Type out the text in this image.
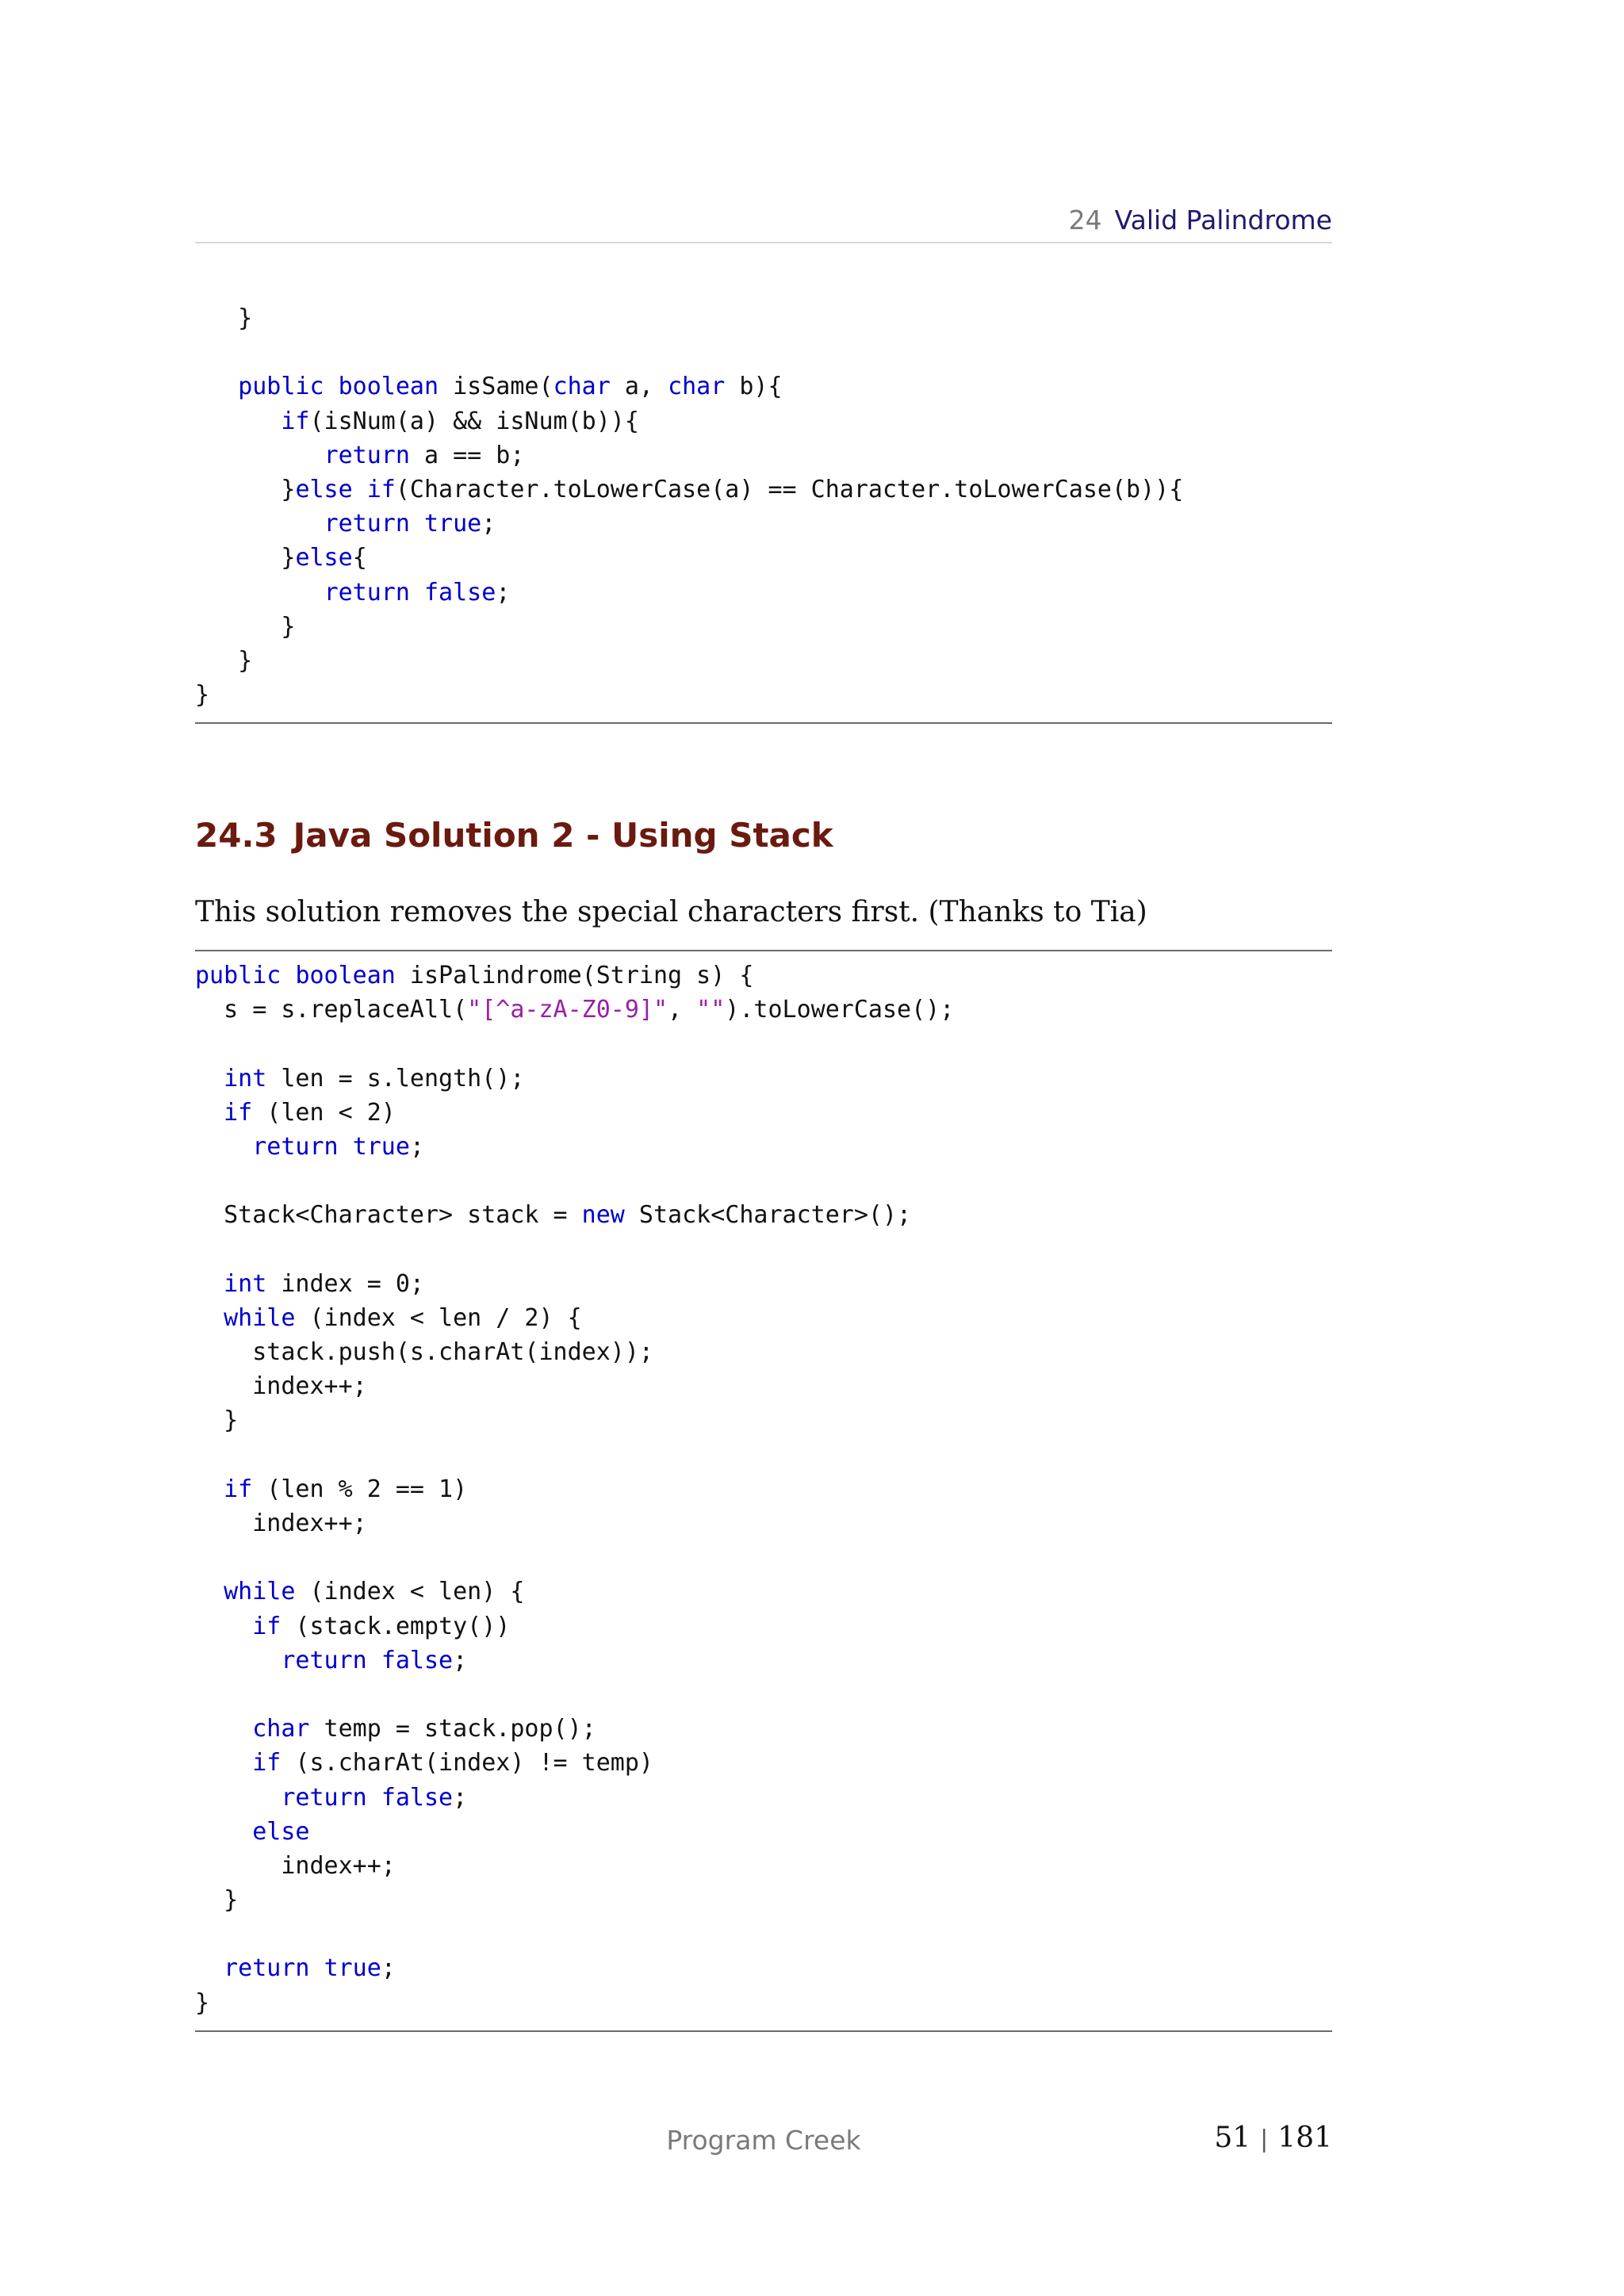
24 Valid Palindrome
}
public boolean isSame(char a, char b){
if(isNum(a) && isNum(b)){
return a == b;
}else if(Character.toLowerCase(a) == Character.toLowerCase(b)){
return true;
}else{
return false;
}
}
}
24.3 Java Solution 2 - Using Stack
This solution removes the special characters first. (Thanks to Tia)
public boolean isPalindrome(String s) {
s = s.replaceAll("[^a-zA-Z0-9]", "").toLowerCase();
int len = s.length();
if (len < 2)
return true;
Stack<Character> stack = new Stack<Character>();
int index = 0;
while (index < len / 2) {
stack.push(s.charAt(index));
index++;
}
if (len % 2 == 1)
index++;
while (index < len) {
if (stack.empty())
return false;
char temp = stack.pop();
if (s.charAt(index) != temp)
return false;
else
index++;
}
return true;
}
Program Creek	51 | 181
